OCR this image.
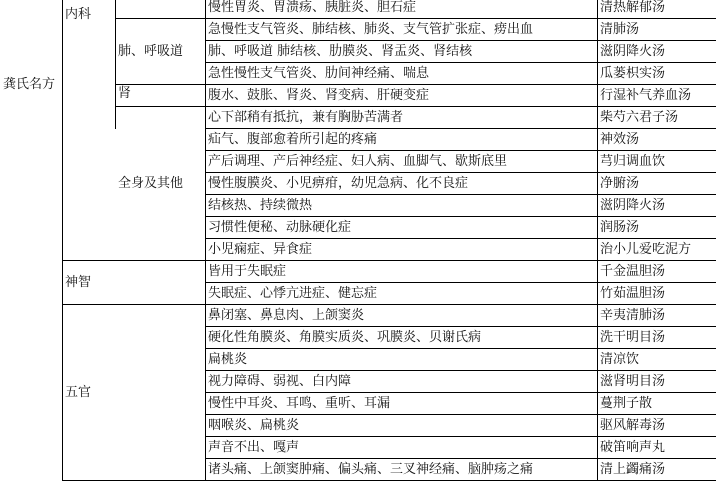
龚氏名方
内科	慢性胃炎、胃溃疡、胰脏炎、胆石症	清热解郁汤
肺、呼吸道
急慢性支气管炎、肺结核、肺炎、支气管扩张症、痨出血	清肺汤
肺、呼吸道 肺结核、肋膜炎、肾盂炎、肾结核	滋阴降火汤
急性慢性支气管炎、肋间神经痛、喘息	瓜蒌枳实汤
肾	腹水、鼓胀、肾炎、肾变病、肝硬变症	行湿补气养血汤
全身及其他
心下部稍有抵抗，兼有胸胁苦满者	柴芍六君子汤
疝气、腹部愈着所引起的疼痛	神效汤
产后调理、产后神经症、妇人病、血脚气、歇斯底里	芎归调血饮
慢性腹膜炎、小児痹疳，幼児急病、化不良症	净腑汤
结核热、持续微热	滋阴降火汤
习惯性便秘、动脉硬化症	润肠汤
小児痫症、异食症	治小儿爱吃泥方
神智
皆用于失眠症	千金温胆汤
失眠症、心悸亢进症、健忘症	竹茹温胆汤
五官
鼻闭塞、鼻息肉、上颌窦炎	辛夷清肺汤
硬化性角膜炎、角膜实质炎、巩膜炎、贝谢氏病	洗干明目汤
扁桃炎	清凉饮
视力障碍、弱视、白内障	滋肾明目汤
慢性中耳炎、耳鸣、重听、耳漏	蔓荆子散
咽喉炎、扁桃炎	驱风解毒汤
声音不出、嘎声	破笛响声丸
诸头痛、上颌窦肿痛、偏头痛、三叉神经痛、脑肿疡之痛	清上蠲痛汤
